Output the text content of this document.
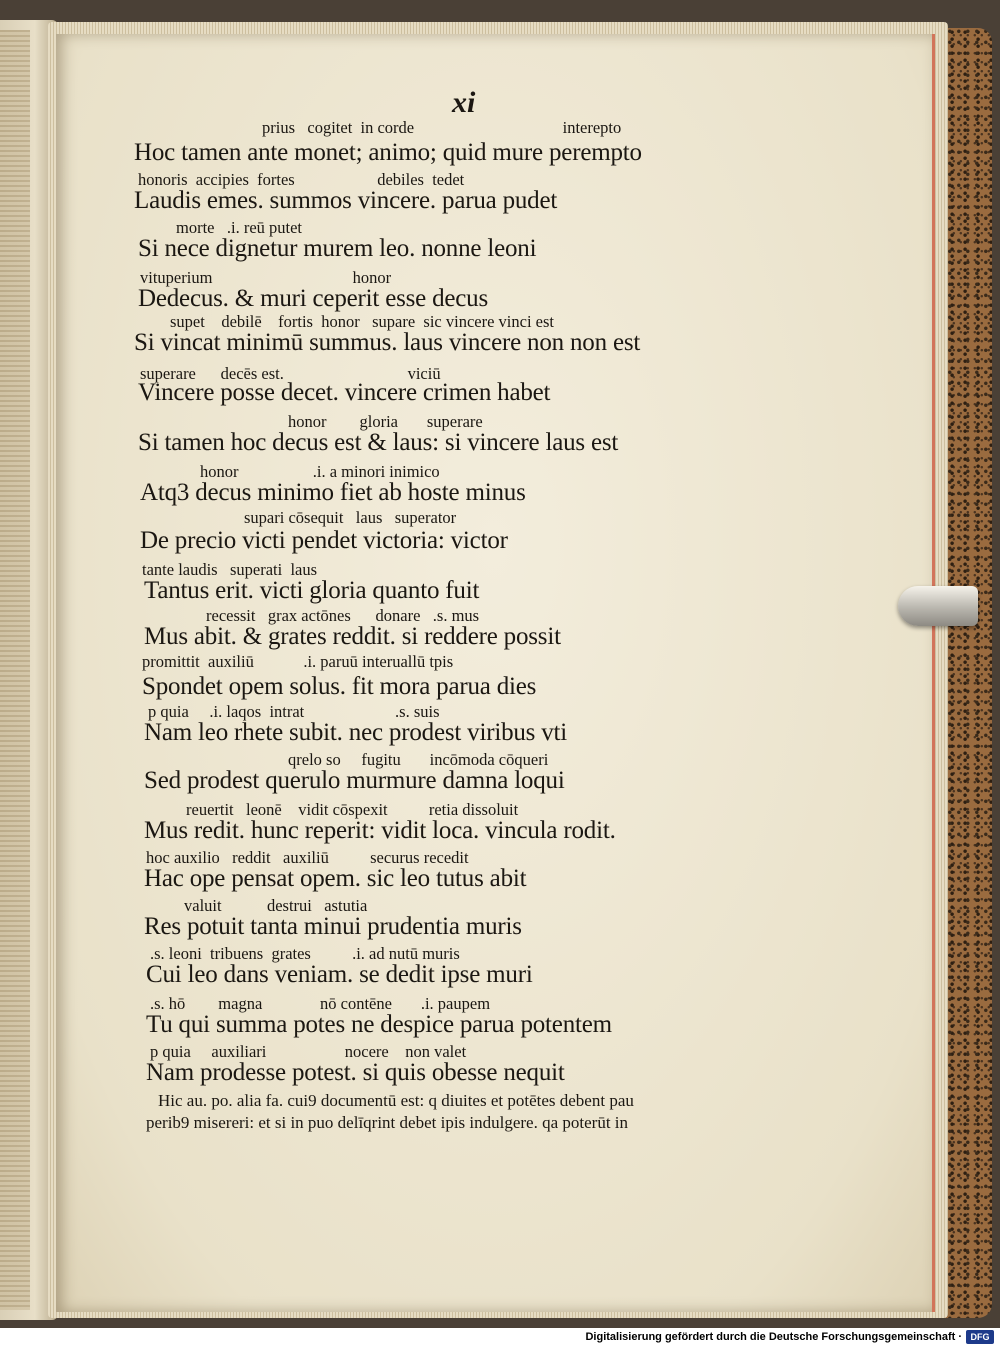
xi
prius   cogitet  in corde                                    interepto
Hoc tamen ante monet; animo; quid mure perempto
honoris  accipies  fortes                    debiles  tedet
Laudis emes. summos vincere. parua pudet
morte   .i. reū putet
Si nece dignetur murem leo. nonne leoni
vituperium                                  honor
Dedecus. & muri ceperit esse decus
supet    debilē    fortis  honor   supare  sic vincere vinci est
Si vincat minimū summus. laus vincere non non est
superare      decēs est.                              viciū
Vincere posse decet. vincere crimen habet
honor        gloria       superare
Si tamen hoc decus est & laus: si vincere laus est
honor                  .i. a minori inimico
Atq3 decus minimo fiet ab hoste minus
supari cōsequit   laus   superator
De precio victi pendet victoria: victor
tante laudis   superati  laus
Tantus erit. victi gloria quanto fuit
recessit   grax actōnes      donare   .s. mus
Mus abit. & grates reddit. si reddere possit
promittit  auxiliū            .i. paruū interuallū tpis
Spondet opem solus. fit mora parua dies
p quia     .i. laqos  intrat                      .s. suis
Nam leo rhete subit. nec prodest viribus vti
qrelo so     fugitu       incōmoda cōqueri
Sed prodest querulo murmure damna loqui
reuertit   leonē    vidit cōspexit          retia dissoluit
Mus redit. hunc reperit: vidit loca. vincula rodit.
hoc auxilio   reddit   auxiliū          securus recedit
Hac ope pensat opem. sic leo tutus abit
valuit           destrui   astutia
Res potuit tanta minui prudentia muris
.s. leoni  tribuens  grates          .i. ad nutū muris
Cui leo dans veniam. se dedit ipse muri
.s. hō        magna              nō contēne       .i. paupem
Tu qui summa potes ne despice parua potentem
p quia     auxiliari                   nocere    non valet
Nam prodesse potest. si quis obesse nequit
Hic au. po. alia fa. cui9 documentū est: q diuites et potētes debent pau
perib9 misereri: et si in puo delīqrint debet ipis indulgere. qa poterūt in
Digitalisierung gefördert durch die Deutsche Forschungsgemeinschaft · DFG
